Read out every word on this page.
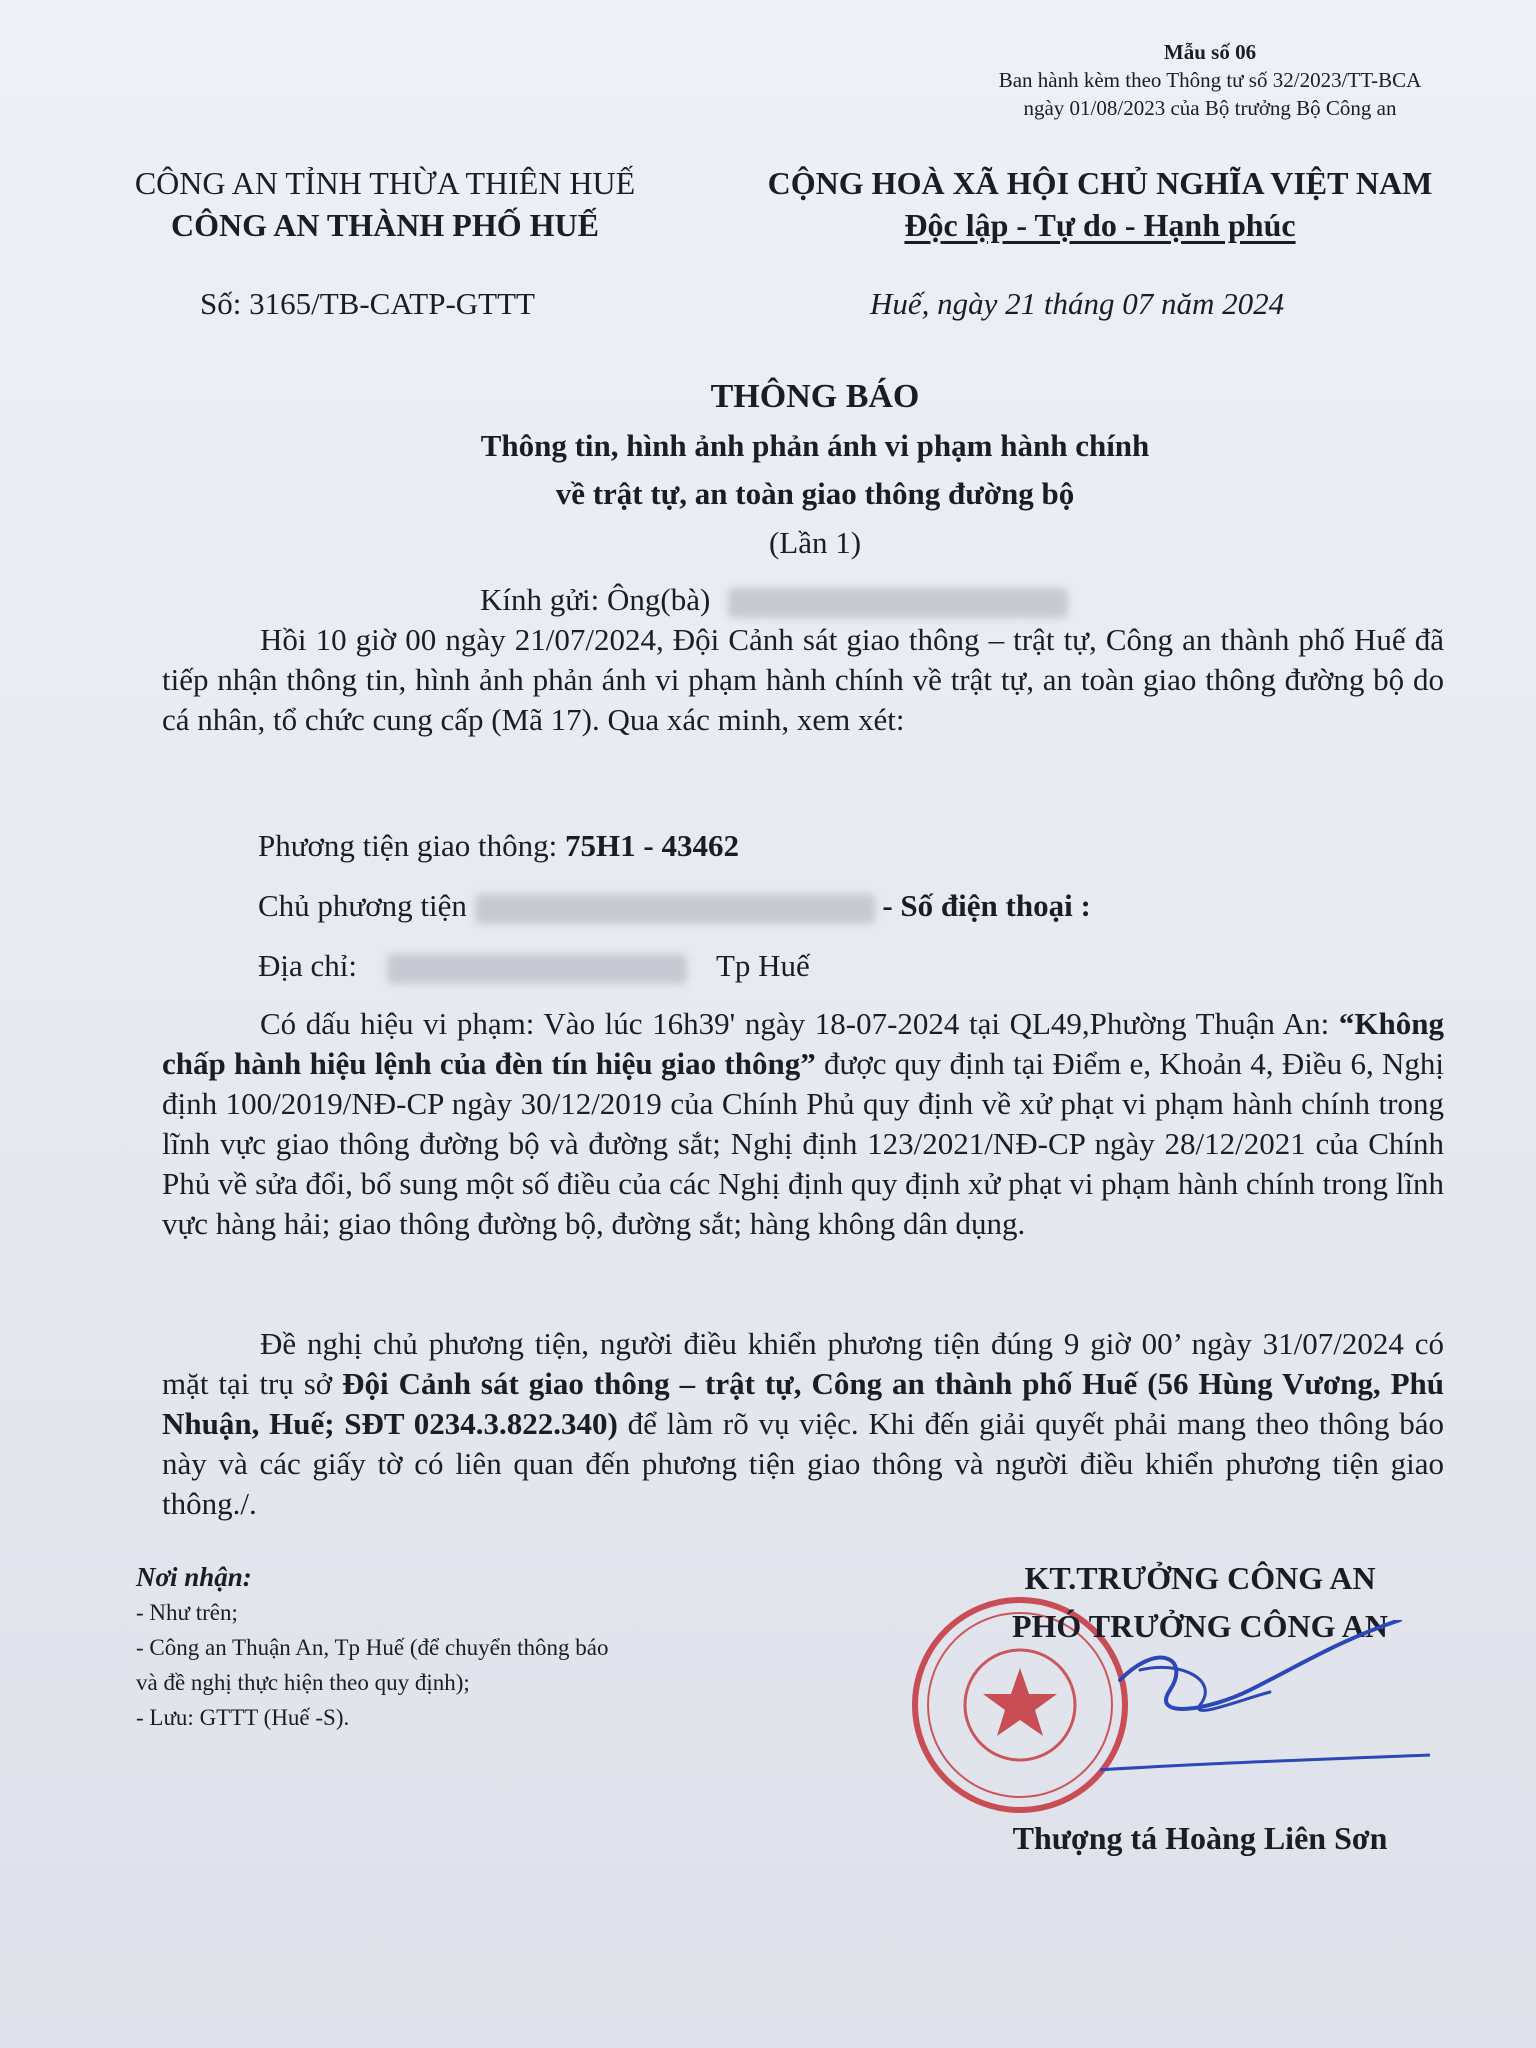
Mẫu số 06
Ban hành kèm theo Thông tư số 32/2023/TT-BCA
ngày 01/08/2023 của Bộ trưởng Bộ Công an
CÔNG AN TỈNH THỪA THIÊN HUẾ
CÔNG AN THÀNH PHỐ HUẾ
CỘNG HOÀ XÃ HỘI CHỦ NGHĨA VIỆT NAM
Độc lập - Tự do - Hạnh phúc
Số: 3165/TB-CATP-GTTT	Huế, ngày 21 tháng 07 năm 2024
THÔNG BÁO
Thông tin, hình ảnh phản ánh vi phạm hành chính
về trật tự, an toàn giao thông đường bộ
(Lần 1)
Kính gửi: Ông(bà)

Hồi 10 giờ 00 ngày 21/07/2024, Đội Cảnh sát giao thông – trật tự, Công an thành phố Huế đã tiếp nhận thông tin, hình ảnh phản ánh vi phạm hành chính về trật tự, an toàn giao thông đường bộ do cá nhân, tổ chức cung cấp (Mã 17). Qua xác minh, xem xét:

Phương tiện giao thông: 75H1 - 43462
Chủ phương tiện	- Số điện thoại :
Địa chỉ:	Tp Huế

Có dấu hiệu vi phạm: Vào lúc 16h39' ngày 18-07-2024 tại QL49,Phường Thuận An: “Không chấp hành hiệu lệnh của đèn tín hiệu giao thông” được quy định tại Điểm e, Khoản 4, Điều 6, Nghị định 100/2019/NĐ-CP ngày 30/12/2019 của Chính Phủ quy định về xử phạt vi phạm hành chính trong lĩnh vực giao thông đường bộ và đường sắt; Nghị định 123/2021/NĐ-CP ngày 28/12/2021 của Chính Phủ về sửa đổi, bổ sung một số điều của các Nghị định quy định xử phạt vi phạm hành chính trong lĩnh vực hàng hải; giao thông đường bộ, đường sắt; hàng không dân dụng.

Đề nghị chủ phương tiện, người điều khiển phương tiện đúng 9 giờ 00’ ngày 31/07/2024 có mặt tại trụ sở Đội Cảnh sát giao thông – trật tự, Công an thành phố Huế (56 Hùng Vương, Phú Nhuận, Huế; SĐT 0234.3.822.340) để làm rõ vụ việc. Khi đến giải quyết phải mang theo thông báo này và các giấy tờ có liên quan đến phương tiện giao thông và người điều khiển phương tiện giao thông./.

Nơi nhận:
- Như trên;
- Công an Thuận An, Tp Huế (để chuyển thông báo
và đề nghị thực hiện theo quy định);
- Lưu: GTTT (Huế -S).
KT.TRƯỞNG CÔNG AN
PHÓ TRƯỞNG CÔNG AN
Thượng tá Hoàng Liên Sơn
